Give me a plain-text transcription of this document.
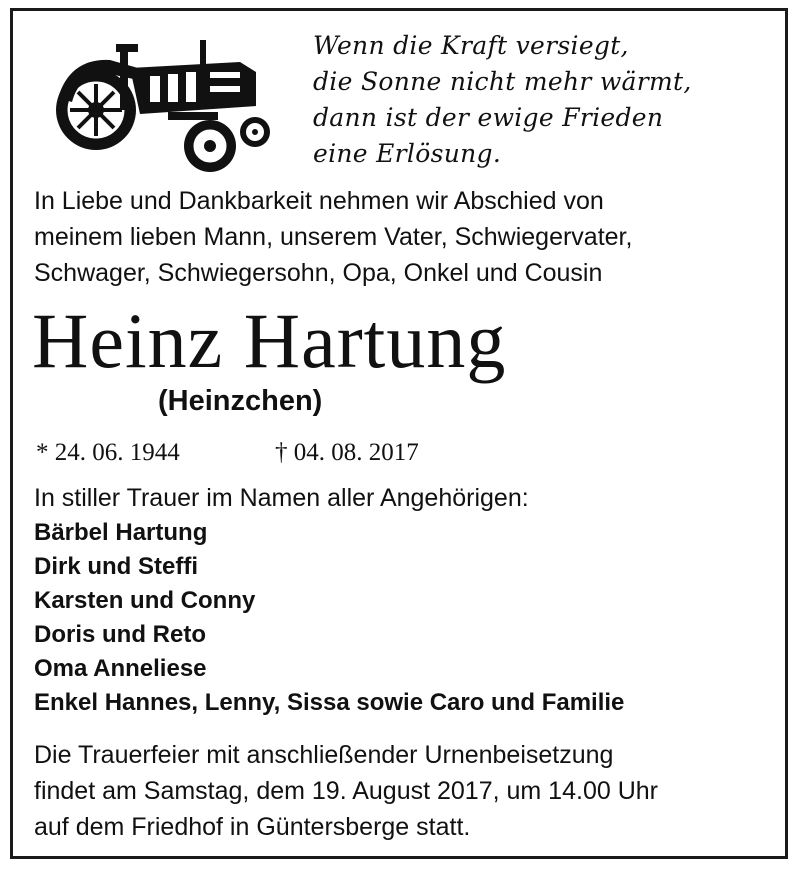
Wenn die Kraft versiegt,
die Sonne nicht mehr wärmt,
dann ist der ewige Frieden
eine Erlösung.
In Liebe und Dankbarkeit nehmen wir Abschied von
meinem lieben Mann, unserem Vater, Schwiegervater,
Schwager, Schwiegersohn, Opa, Onkel und Cousin
Heinz Hartung
(Heinzchen)
* 24. 06. 1944	† 04. 08. 2017
In stiller Trauer im Namen aller Angehörigen:
Bärbel Hartung
Dirk und Steffi
Karsten und Conny
Doris und Reto
Oma Anneliese
Enkel Hannes, Lenny, Sissa sowie Caro und Familie
Die Trauerfeier mit anschließender Urnenbeisetzung
findet am Samstag, dem 19. August 2017, um 14.00 Uhr
auf dem Friedhof in Güntersberge statt.
